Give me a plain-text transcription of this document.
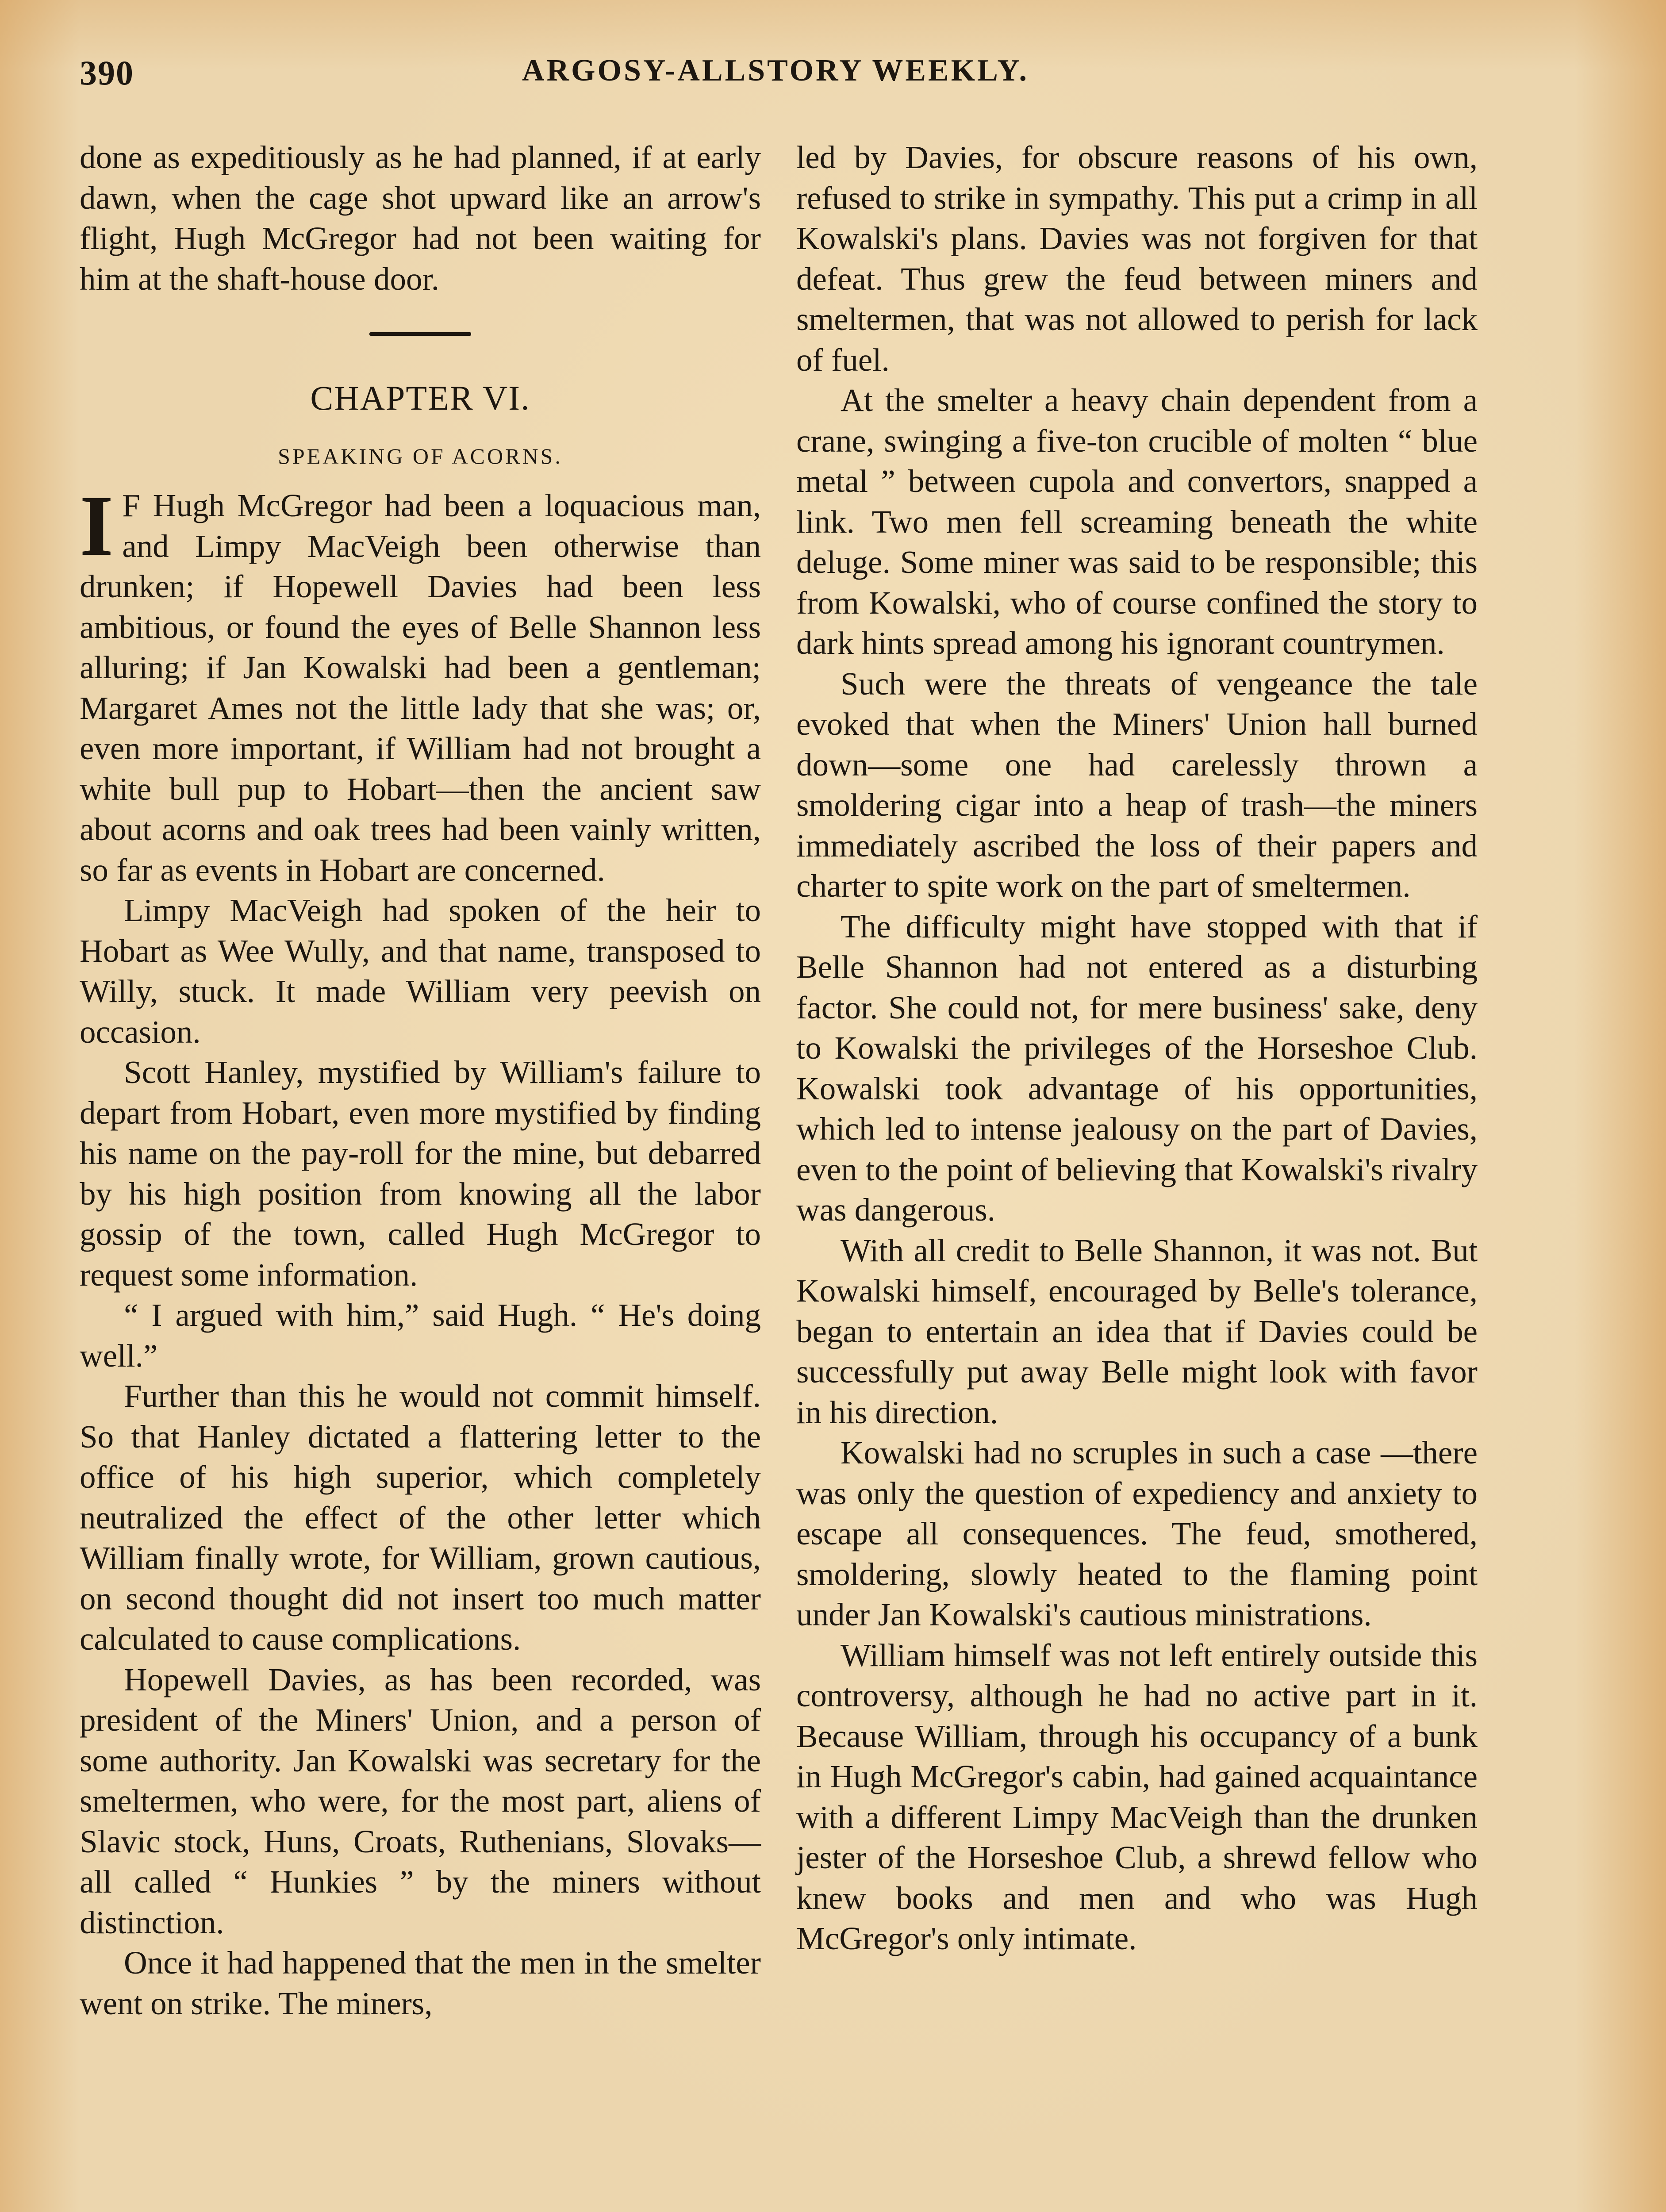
390	ARGOSY-ALLSTORY WEEKLY.

done as expeditiously as he had planned, if at early dawn, when the cage shot upward like an arrow's flight, Hugh McGregor had not been waiting for him at the shaft-house door.

CHAPTER VI.
SPEAKING OF ACORNS.

I F Hugh McGregor had been a loquacious man, and Limpy MacVeigh been otherwise than drunken; if Hopewell Davies had been less ambitious, or found the eyes of Belle Shannon less alluring; if Jan Kowalski had been a gentleman; Margaret Ames not the little lady that she was; or, even more important, if William had not brought a white bull pup to Hobart—then the ancient saw about acorns and oak trees had been vainly written, so far as events in Hobart are concerned.

Limpy MacVeigh had spoken of the heir to Hobart as Wee Wully, and that name, transposed to Willy, stuck. It made William very peevish on occasion.

Scott Hanley, mystified by William's failure to depart from Hobart, even more mystified by finding his name on the pay-roll for the mine, but debarred by his high position from knowing all the labor gossip of the town, called Hugh McGregor to request some information.

“ I argued with him,” said Hugh. “ He's doing well.”

Further than this he would not commit himself. So that Hanley dictated a flattering letter to the office of his high superior, which completely neutralized the effect of the other letter which William finally wrote, for William, grown cautious, on second thought did not insert too much matter calculated to cause complications.

Hopewell Davies, as has been recorded, was president of the Miners' Union, and a person of some authority. Jan Kowalski was secretary for the smeltermen, who were, for the most part, aliens of Slavic stock, Huns, Croats, Ruthenians, Slovaks—all called “ Hunkies ” by the miners without distinction.

Once it had happened that the men in the smelter went on strike. The miners,

led by Davies, for obscure reasons of his own, refused to strike in sympathy. This put a crimp in all Kowalski's plans. Davies was not forgiven for that defeat. Thus grew the feud between miners and smeltermen, that was not allowed to perish for lack of fuel.

At the smelter a heavy chain dependent from a crane, swinging a five-ton crucible of molten “ blue metal ” between cupola and convertors, snapped a link. Two men fell screaming beneath the white deluge. Some miner was said to be responsible; this from Kowalski, who of course confined the story to dark hints spread among his ignorant countrymen.

Such were the threats of vengeance the tale evoked that when the Miners' Union hall burned down—some one had carelessly thrown a smoldering cigar into a heap of trash—the miners immediately ascribed the loss of their papers and charter to spite work on the part of smeltermen.

The difficulty might have stopped with that if Belle Shannon had not entered as a disturbing factor. She could not, for mere business' sake, deny to Kowalski the privileges of the Horseshoe Club. Kowalski took advantage of his opportunities, which led to intense jealousy on the part of Davies, even to the point of believing that Kowalski's rivalry was dangerous.

With all credit to Belle Shannon, it was not. But Kowalski himself, encouraged by Belle's tolerance, began to entertain an idea that if Davies could be successfully put away Belle might look with favor in his direction.

Kowalski had no scruples in such a case —there was only the question of expediency and anxiety to escape all consequences. The feud, smothered, smoldering, slowly heated to the flaming point under Jan Kowalski's cautious ministrations.

William himself was not left entirely outside this controversy, although he had no active part in it. Because William, through his occupancy of a bunk in Hugh McGregor's cabin, had gained acquaintance with a different Limpy MacVeigh than the drunken jester of the Horseshoe Club, a shrewd fellow who knew books and men and who was Hugh McGregor's only intimate.
